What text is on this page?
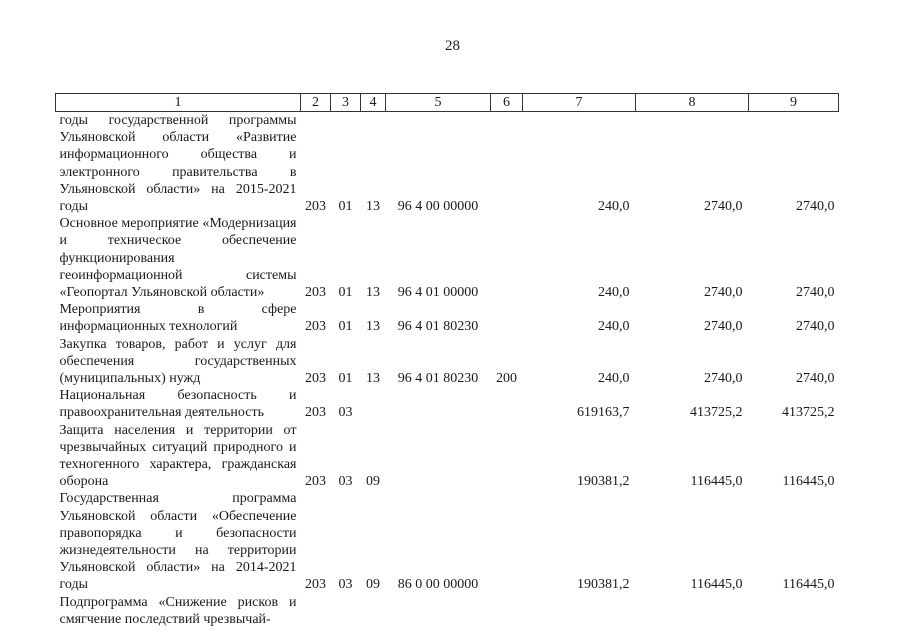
28
1	2	3	4	5	6	7	8	9
годы государственной программы Ульяновской области «Развитие информационного общества и электронного правительства в Ульяновской области» на 2015-2021 годы	203	01	13	96 4 00 00000		240,0	2740,0	2740,0
Основное мероприятие «Модернизация и техническое обеспечение функционирования геоинформационной системы «Геопортал Ульяновской области»	203	01	13	96 4 01 00000		240,0	2740,0	2740,0
Мероприятия в сфере информационных технологий	203	01	13	96 4 01 80230		240,0	2740,0	2740,0
Закупка товаров, работ и услуг для обеспечения государственных (муниципальных) нужд	203	01	13	96 4 01 80230	200	240,0	2740,0	2740,0
Национальная безопасность и правоохранительная деятельность	203	03				619163,7	413725,2	413725,2
Защита населения и территории от чрезвычайных ситуаций природного и техногенного характера, гражданская оборона	203	03	09			190381,2	116445,0	116445,0
Государственная программа Ульяновской области «Обеспечение правопорядка и безопасности жизнедеятельности на территории Ульяновской области» на 2014-2021 годы	203	03	09	86 0 00 00000		190381,2	116445,0	116445,0
Подпрограмма «Снижение рисков и смягчение последствий чрезвычай-								
